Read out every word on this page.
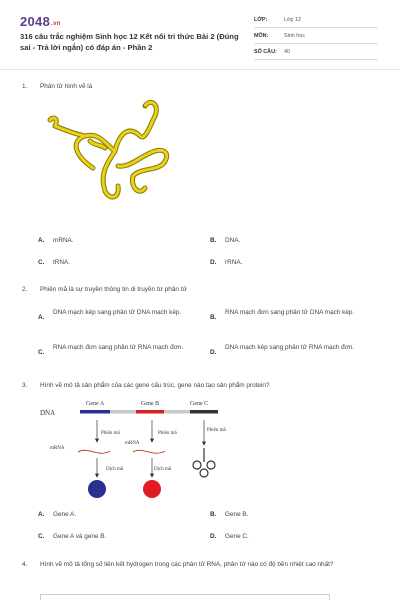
2048.vn
316 câu trắc nghiệm Sinh học 12 Kết nối tri thức Bài 2 (Đúng sai - Trả lời ngắn) có đáp án - Phần 2
LỚP:	Lớp 12
MÔN:	Sinh học
SỐ CÂU: 40
1. Phân tử hình vẽ là
A. mRNA.	B. DNA.
C. tRNA.	D. rRNA.
2. Phiên mã là sự truyền thông tin di truyền từ phân tử
A.
DNA mạch kép sang phân tử DNA mạch kép.
B.
RNA mạch đơn sang phân tử DNA mạch kép.
C.
RNA mạch đơn sang phân tử RNA mạch đơn.
D.
DNA mạch kép sang phân tử RNA mạch đơn.
3. Hình vẽ mô tả sản phẩm của các gene cấu trúc, gene nào tạo sản phẩm protein?
DNA
Gene A	Gene B	Gene C
Phiên mã	Phiên mã
Phiên mã
mRNA
mRNA
Dịch mã	Dịch mã
A. Gene A.	B. Gene B.
C. Gene A và gene B.	D. Gene C.
4. Hình vẽ mô tả tổng số liên kết hydrogen trong các phân tử RNA, phân tử nào có độ bền nhiệt cao nhất?
